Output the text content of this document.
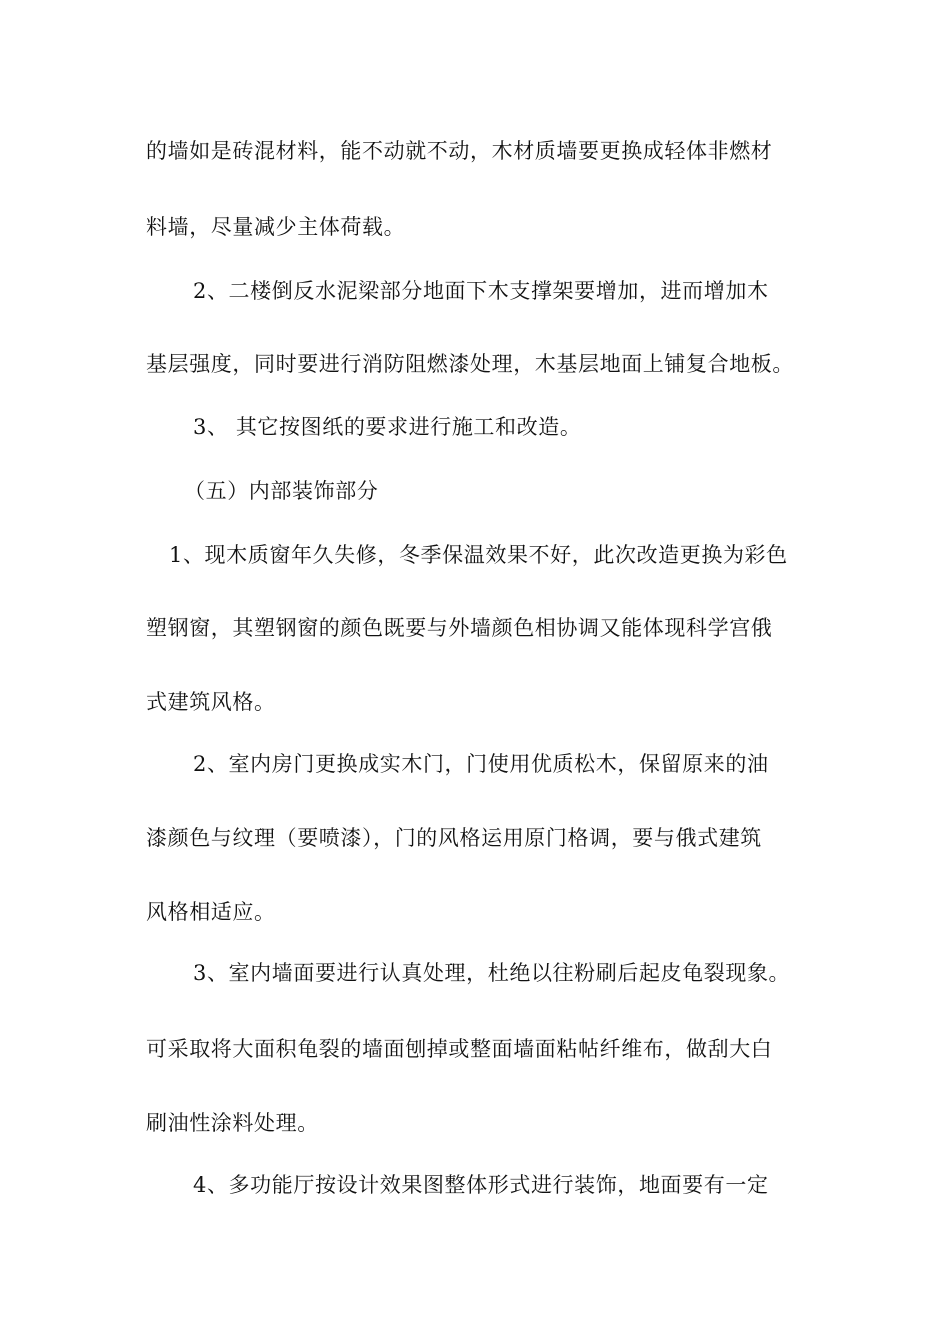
的墙如是砖混材料，能不动就不动，木材质墙要更换成轻体非燃材
料墙，尽量减少主体荷载。
2、二楼倒反水泥梁部分地面下木支撑架要增加，进而增加木
基层强度，同时要进行消防阻燃漆处理，木基层地面上铺复合地板。
3、 其它按图纸的要求进行施工和改造。
（五）内部装饰部分
1、现木质窗年久失修，冬季保温效果不好，此次改造更换为彩色
塑钢窗，其塑钢窗的颜色既要与外墙颜色相协调又能体现科学宫俄
式建筑风格。
2、室内房门更换成实木门，门使用优质松木，保留原来的油
漆颜色与纹理（要喷漆），门的风格运用原门格调，要与俄式建筑
风格相适应。
3、室内墙面要进行认真处理，杜绝以往粉刷后起皮龟裂现象。
可采取将大面积龟裂的墙面刨掉或整面墙面粘帖纤维布，做刮大白
刷油性涂料处理。
4、多功能厅按设计效果图整体形式进行装饰，地面要有一定
